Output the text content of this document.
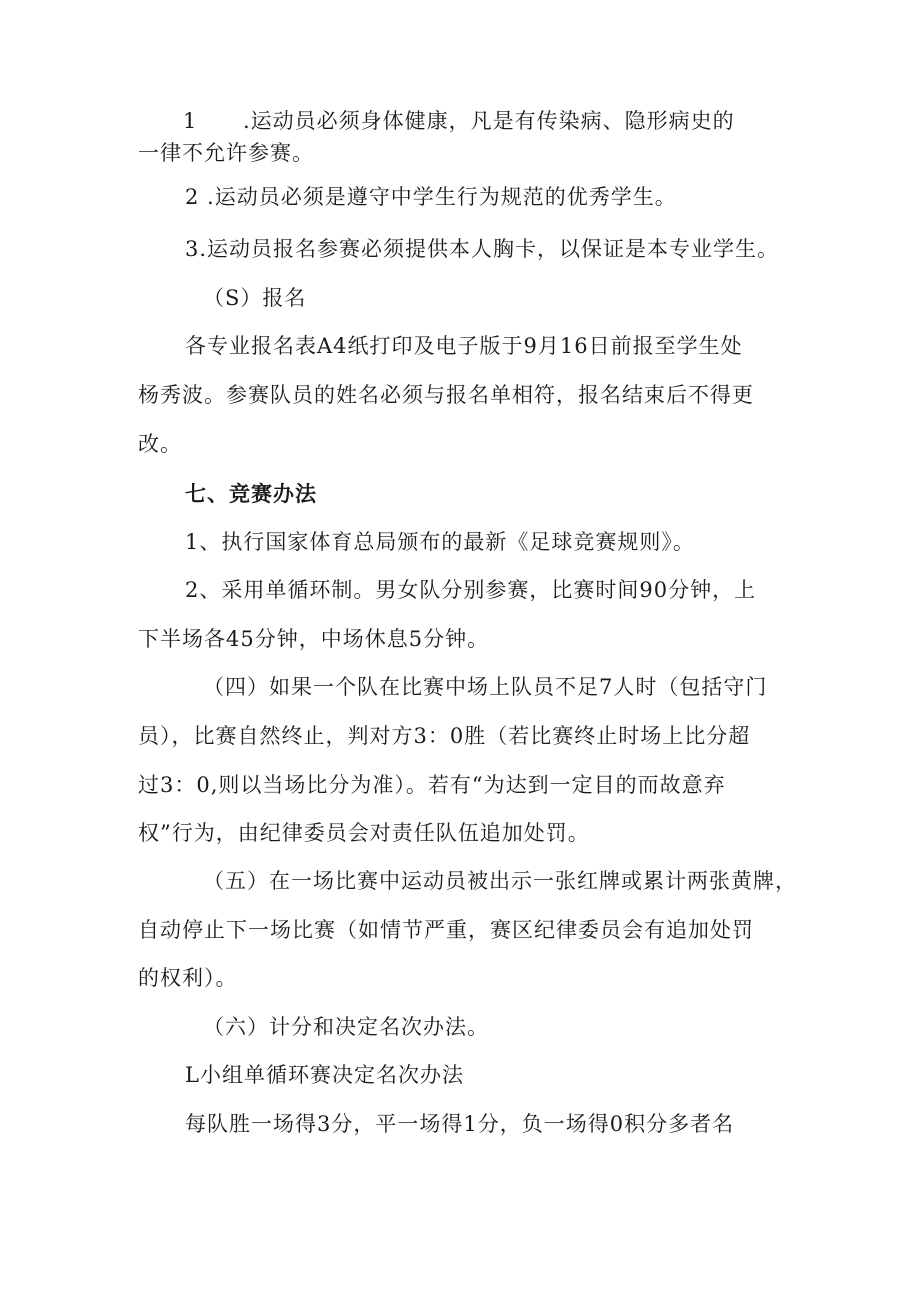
1 .运动员必须身体健康，凡是有传染病、隐形病史的
一律不允许参赛。
2 .运动员必须是遵守中学生行为规范的优秀学生。
3.运动员报名参赛必须提供本人胸卡，以保证是本专业学生。
（S）报名
各专业报名表A4纸打印及电子版于9月16日前报至学生处
杨秀波。参赛队员的姓名必须与报名单相符，报名结束后不得更
改。
七、竞赛办法
1、执行国家体育总局颁布的最新《足球竞赛规则》。
2、采用单循环制。男女队分别参赛，比赛时间90分钟，上
下半场各45分钟，中场休息5分钟。
（四）如果一个队在比赛中场上队员不足7人时（包括守门
员），比赛自然终止，判对方3：0胜（若比赛终止时场上比分超
过3：0,则以当场比分为准）。若有“为达到一定目的而故意弃
权”行为，由纪律委员会对责任队伍追加处罚。
（五）在一场比赛中运动员被出示一张红牌或累计两张黄牌，
自动停止下一场比赛（如情节严重，赛区纪律委员会有追加处罚
的权利）。
（六）计分和决定名次办法。
L小组单循环赛决定名次办法
每队胜一场得3分，平一场得1分，负一场得0积分多者名
